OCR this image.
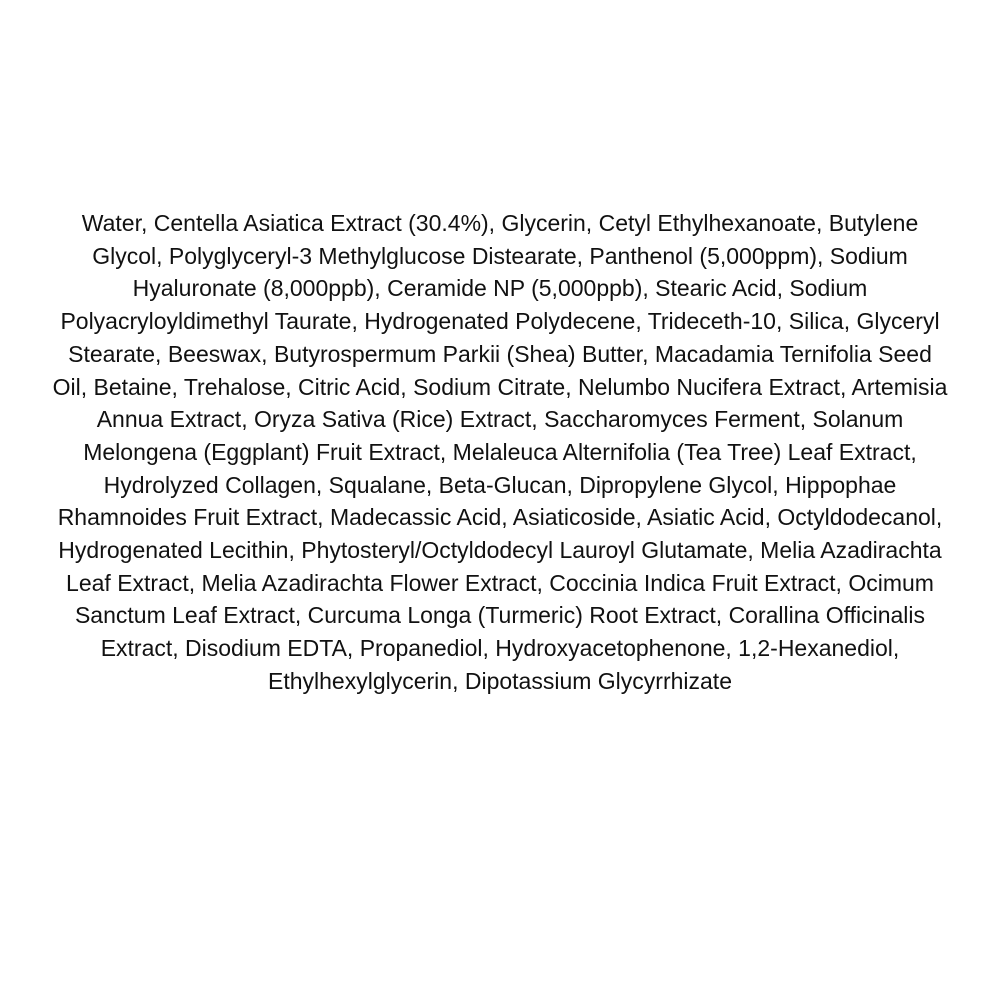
Water, Centella Asiatica Extract (30.4%), Glycerin, Cetyl Ethylhexanoate, Butylene Glycol, Polyglyceryl-3 Methylglucose Distearate, Panthenol (5,000ppm), Sodium Hyaluronate (8,000ppb), Ceramide NP (5,000ppb), Stearic Acid, Sodium Polyacryloyldimethyl Taurate, Hydrogenated Polydecene, Trideceth-10, Silica, Glyceryl Stearate, Beeswax, Butyrospermum Parkii (Shea) Butter, Macadamia Ternifolia Seed Oil, Betaine, Trehalose, Citric Acid, Sodium Citrate, Nelumbo Nucifera Extract, Artemisia Annua Extract, Oryza Sativa (Rice) Extract, Saccharomyces Ferment, Solanum Melongena (Eggplant) Fruit Extract, Melaleuca Alternifolia (Tea Tree) Leaf Extract, Hydrolyzed Collagen, Squalane, Beta-Glucan, Dipropylene Glycol, Hippophae Rhamnoides Fruit Extract, Madecassic Acid, Asiaticoside, Asiatic Acid, Octyldodecanol, Hydrogenated Lecithin, Phytosteryl/Octyldodecyl Lauroyl Glutamate, Melia Azadirachta Leaf Extract, Melia Azadirachta Flower Extract, Coccinia Indica Fruit Extract, Ocimum Sanctum Leaf Extract, Curcuma Longa (Turmeric) Root Extract, Corallina Officinalis Extract, Disodium EDTA, Propanediol, Hydroxyacetophenone, 1,2-Hexanediol, Ethylhexylglycerin, Dipotassium Glycyrrhizate
